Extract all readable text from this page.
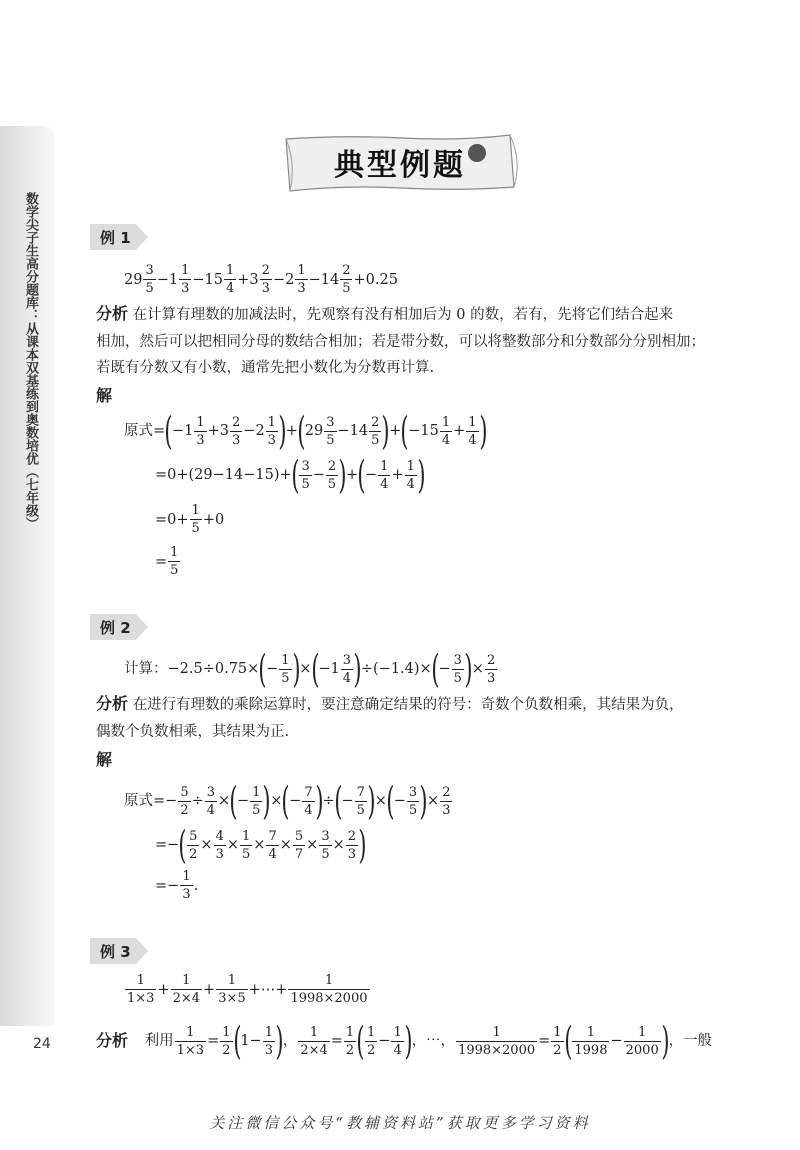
数学尖子生高分题库：从课本双基练到奥数培优（七年级）
24
典型例题
例 1
$29 \frac{3}{5} -1 \frac{1}{3} -15 \frac{1}{4} +3 \frac{2}{3} -2 \frac{1}{3} -14 \frac{2}{5} +0.25$
分析 在计算有理数的加减法时，先观察有没有相加后为 0 的数，若有，先将它们结合起来
相加，然后可以把相同分母的数结合相加；若是带分数，可以将整数部分和分数部分分别相加；
若既有分数又有小数，通常先把小数化为分数再计算.
解
原式$=(-1 \frac{1}{3} +3 \frac{2}{3} -2 \frac{1}{3} )+(29 \frac{3}{5} -14 \frac{2}{5} )+(-15 \frac{1}{4} + \frac{1}{4}$ )
$=0+(29-14-15)+( \frac{3}{5} - \frac{2}{5}$ )+(− $\frac{1}{4} + \frac{1}{4}$ )
$=0+ \frac{1}{5} +0$
= $\frac{1}{5}$
例 2
计算：$-2.5\div 0.75\times(- \frac{1}{5} )\times(-1 \frac{3}{4} )\div(-1.4)\times(- \frac{3}{5}$ )× $\frac{2}{3}$
分析 在进行有理数的乘除运算时，要注意确定结果的符号：奇数个负数相乘，其结果为负，
偶数个负数相乘，其结果为正.
解
原式=− $\frac{5}{2} \div \frac{3}{4}$ ×(− $\frac{1}{5}$ )×(− $\frac{7}{4}$ )÷(− $\frac{7}{5}$ )×(− $\frac{3}{5}$ )× $\frac{2}{3}$
=−( $\frac{5}{2} \times \frac{4}{3} \times \frac{1}{5} \times \frac{7}{4} \times \frac{5}{7} \times \frac{3}{5} \times \frac{2}{3}$ )
=− $\frac{1}{3}$ .
例 3
$\frac{1}{1\times 3} + \frac{1}{2\times 4} + \frac{1}{3\times 5}$ +⋯+ $\frac{1}{1998\times 2000}$
分析 利用 $\frac{1}{1\times 3} = \frac{1}{2} (1- \frac{1}{3}$ )， $\frac{1}{2\times 4} = \frac{1}{2}$ ( $\frac{1}{2} - \frac{1}{4}$ )，⋯， $\frac{1}{1998\times 2000} = \frac{1}{2}$ ( $\frac{1}{1998} - \frac{1}{2000}$ )，一般
关注微信公众号“教辅资料站”获取更多学习资料
